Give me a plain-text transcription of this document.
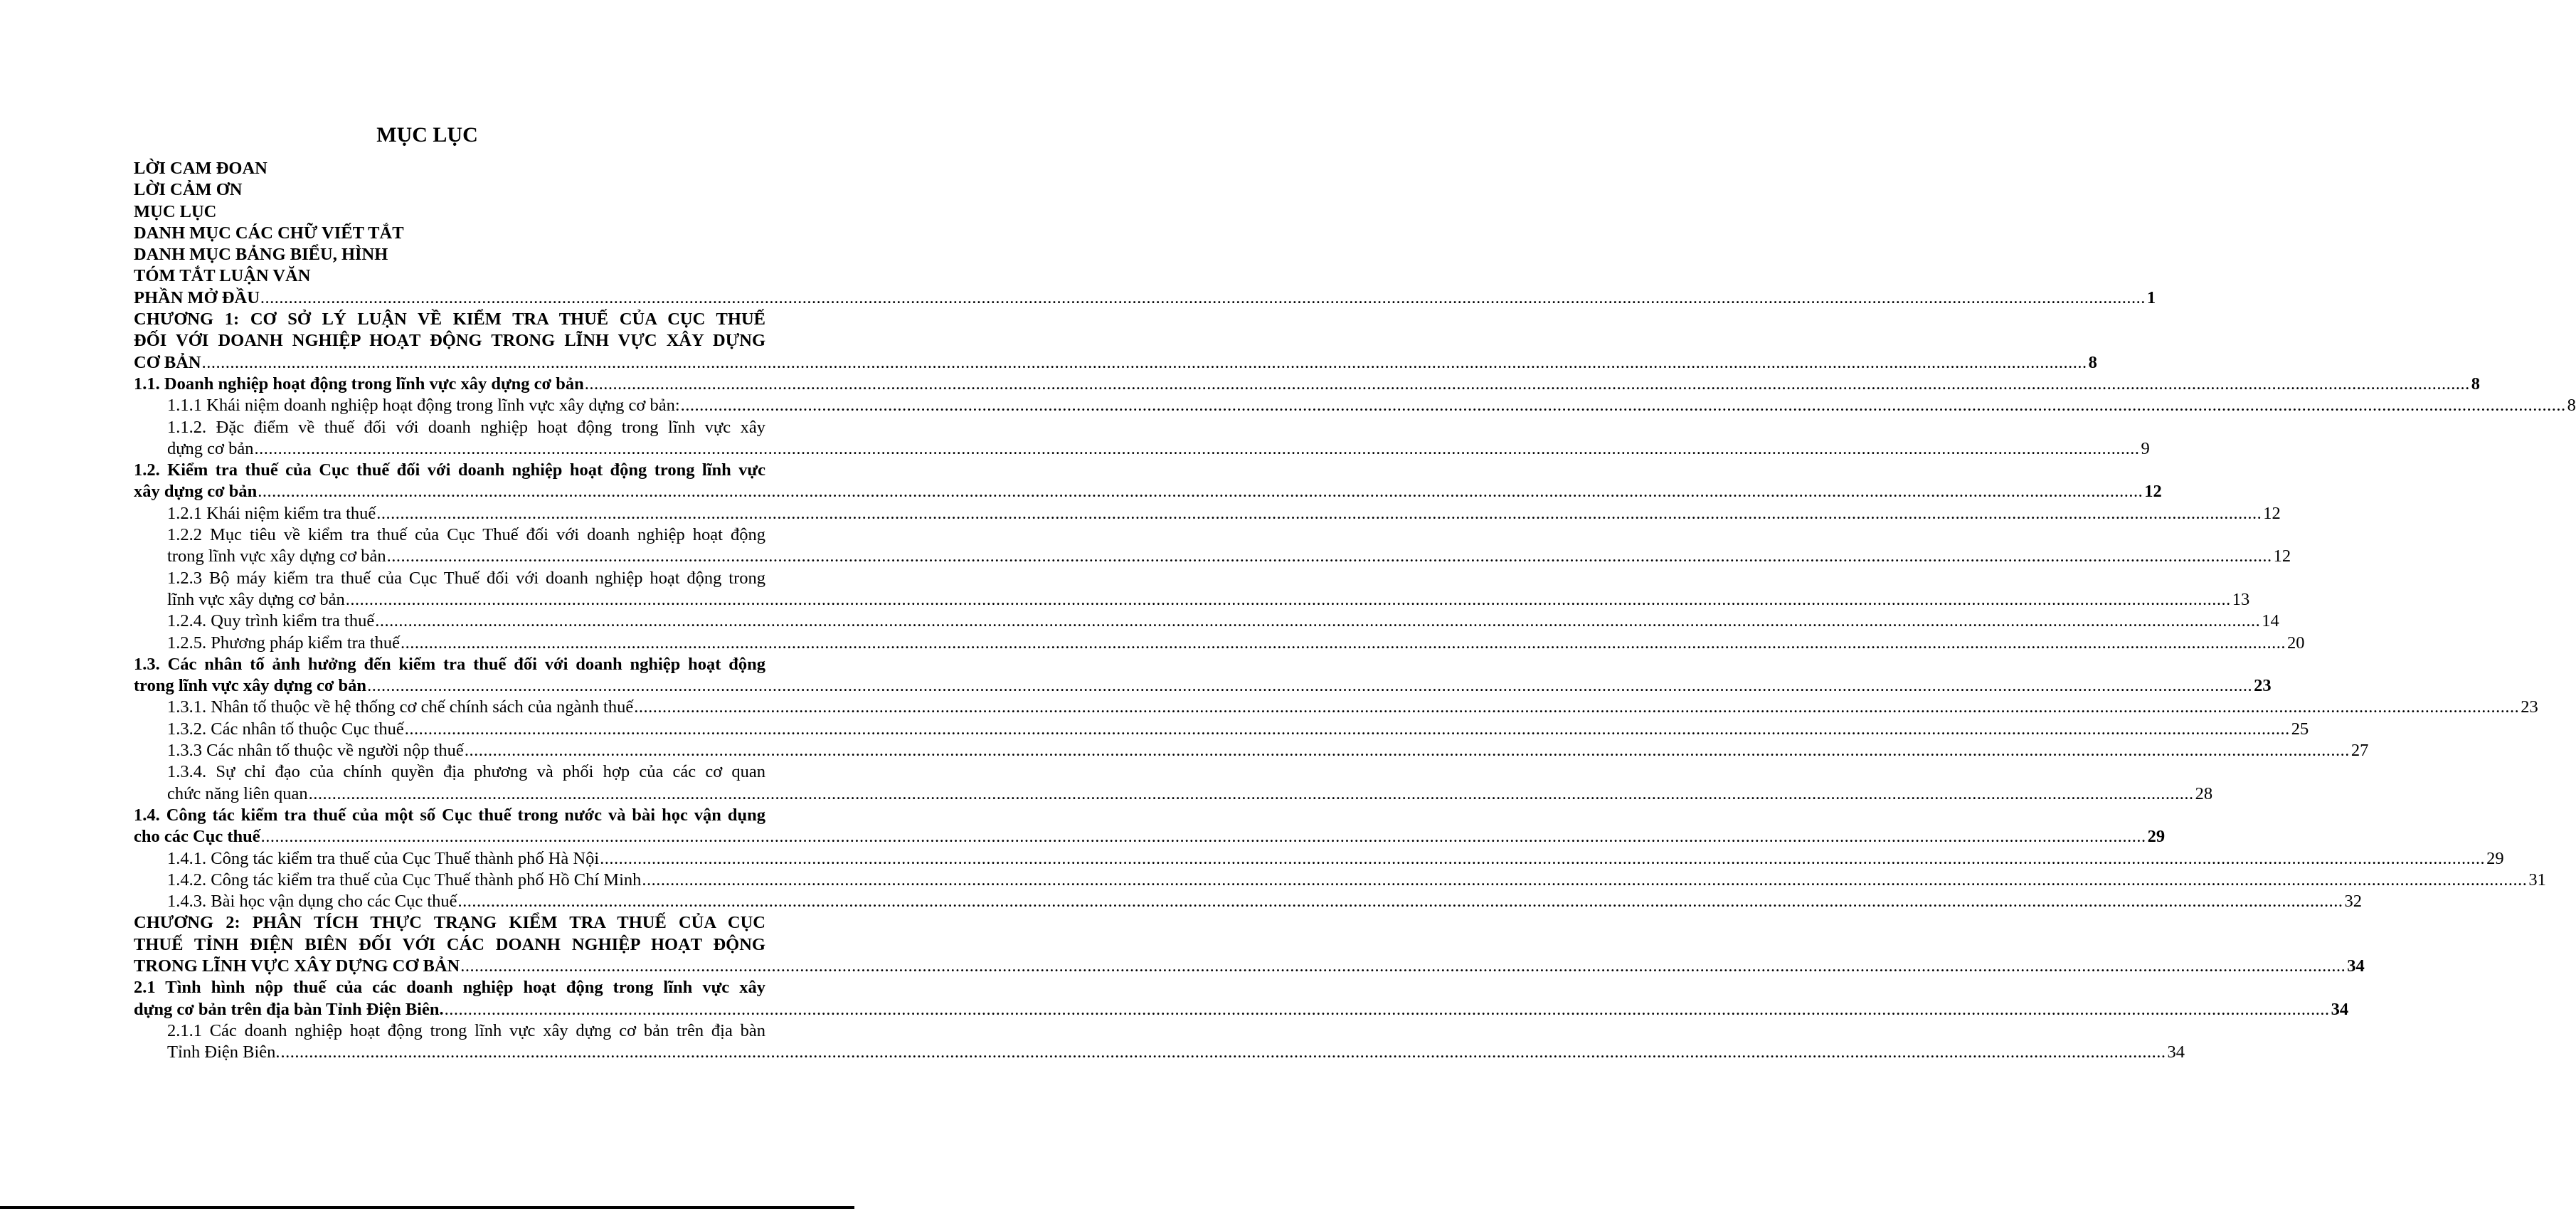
MỤC LỤC
LỜI CAM ĐOAN
LỜI CẢM ƠN
MỤC LỤC
DANH MỤC CÁC CHỮ VIẾT TẮT
DANH MỤC BẢNG BIỂU, HÌNH
TÓM TẮT LUẬN VĂN
PHẦN MỞ ĐẦU ................................................................................................................................................................................................................................................................................................................................................................................................................ 1
CHƯƠNG 1: CƠ SỞ LÝ LUẬN VỀ KIỂM TRA THUẾ CỦA CỤC THUẾ
ĐỐI VỚI DOANH NGHIỆP HOẠT ĐỘNG TRONG LĨNH VỰC XÂY DỰNG
CƠ BẢN ................................................................................................................................................................................................................................................................................................................................................................................................................ 8
1.1. Doanh nghiệp hoạt động trong lĩnh vực xây dựng cơ bản ................................................................................................................................................................................................................................................................................................................................................................................................................ 8
1.1.1 Khái niệm doanh nghiệp hoạt động trong lĩnh vực xây dựng cơ bản: ................................................................................................................................................................................................................................................................................................................................................................................................................ 8
1.1.2. Đặc điểm về thuế đối với doanh nghiệp hoạt động trong lĩnh vực xây
dựng cơ bản ................................................................................................................................................................................................................................................................................................................................................................................................................ 9
1.2. Kiểm tra thuế của Cục thuế đối với doanh nghiệp hoạt động trong lĩnh vực
xây dựng cơ bản ................................................................................................................................................................................................................................................................................................................................................................................................................ 12
1.2.1 Khái niệm kiểm tra thuế ................................................................................................................................................................................................................................................................................................................................................................................................................ 12
1.2.2 Mục tiêu về kiểm tra thuế của Cục Thuế đối với doanh nghiệp hoạt động
trong lĩnh vực xây dựng cơ bản ................................................................................................................................................................................................................................................................................................................................................................................................................ 12
1.2.3 Bộ máy kiểm tra thuế của Cục Thuế đối với doanh nghiệp hoạt động trong
lĩnh vực xây dựng cơ bản ................................................................................................................................................................................................................................................................................................................................................................................................................ 13
1.2.4. Quy trình kiểm tra thuế ................................................................................................................................................................................................................................................................................................................................................................................................................ 14
1.2.5. Phương pháp kiểm tra thuế ................................................................................................................................................................................................................................................................................................................................................................................................................ 20
1.3. Các nhân tố ảnh hưởng đến kiểm tra thuế đối với doanh nghiệp hoạt động
trong lĩnh vực xây dựng cơ bản ................................................................................................................................................................................................................................................................................................................................................................................................................ 23
1.3.1. Nhân tố thuộc về hệ thống cơ chế chính sách của ngành thuế ................................................................................................................................................................................................................................................................................................................................................................................................................ 23
1.3.2. Các nhân tố thuộc Cục thuế ................................................................................................................................................................................................................................................................................................................................................................................................................ 25
1.3.3 Các nhân tố thuộc về người nộp thuế ................................................................................................................................................................................................................................................................................................................................................................................................................ 27
1.3.4. Sự chỉ đạo của chính quyền địa phương và phối hợp của các cơ quan
chức năng liên quan ................................................................................................................................................................................................................................................................................................................................................................................................................ 28
1.4. Công tác kiểm tra thuế của một số Cục thuế trong nước và bài học vận dụng
cho các Cục thuế ................................................................................................................................................................................................................................................................................................................................................................................................................ 29
1.4.1. Công tác kiểm tra thuế của Cục Thuế thành phố Hà Nội ................................................................................................................................................................................................................................................................................................................................................................................................................ 29
1.4.2. Công tác kiểm tra thuế của Cục Thuế thành phố Hồ Chí Minh ................................................................................................................................................................................................................................................................................................................................................................................................................ 31
1.4.3. Bài học vận dụng cho các Cục thuế ................................................................................................................................................................................................................................................................................................................................................................................................................ 32
CHƯƠNG 2: PHÂN TÍCH THỰC TRẠNG KIỂM TRA THUẾ CỦA CỤC
THUẾ TỈNH ĐIỆN BIÊN ĐỐI VỚI CÁC DOANH NGHIỆP HOẠT ĐỘNG
TRONG LĨNH VỰC XÂY DỰNG CƠ BẢN ................................................................................................................................................................................................................................................................................................................................................................................................................ 34
2.1 Tình hình nộp thuế của các doanh nghiệp hoạt động trong lĩnh vực xây
dựng cơ bản trên địa bàn Tỉnh Điện Biên. ................................................................................................................................................................................................................................................................................................................................................................................................................ 34
2.1.1 Các doanh nghiệp hoạt động trong lĩnh vực xây dựng cơ bản trên địa bàn
Tỉnh Điện Biên. ................................................................................................................................................................................................................................................................................................................................................................................................................ 34
